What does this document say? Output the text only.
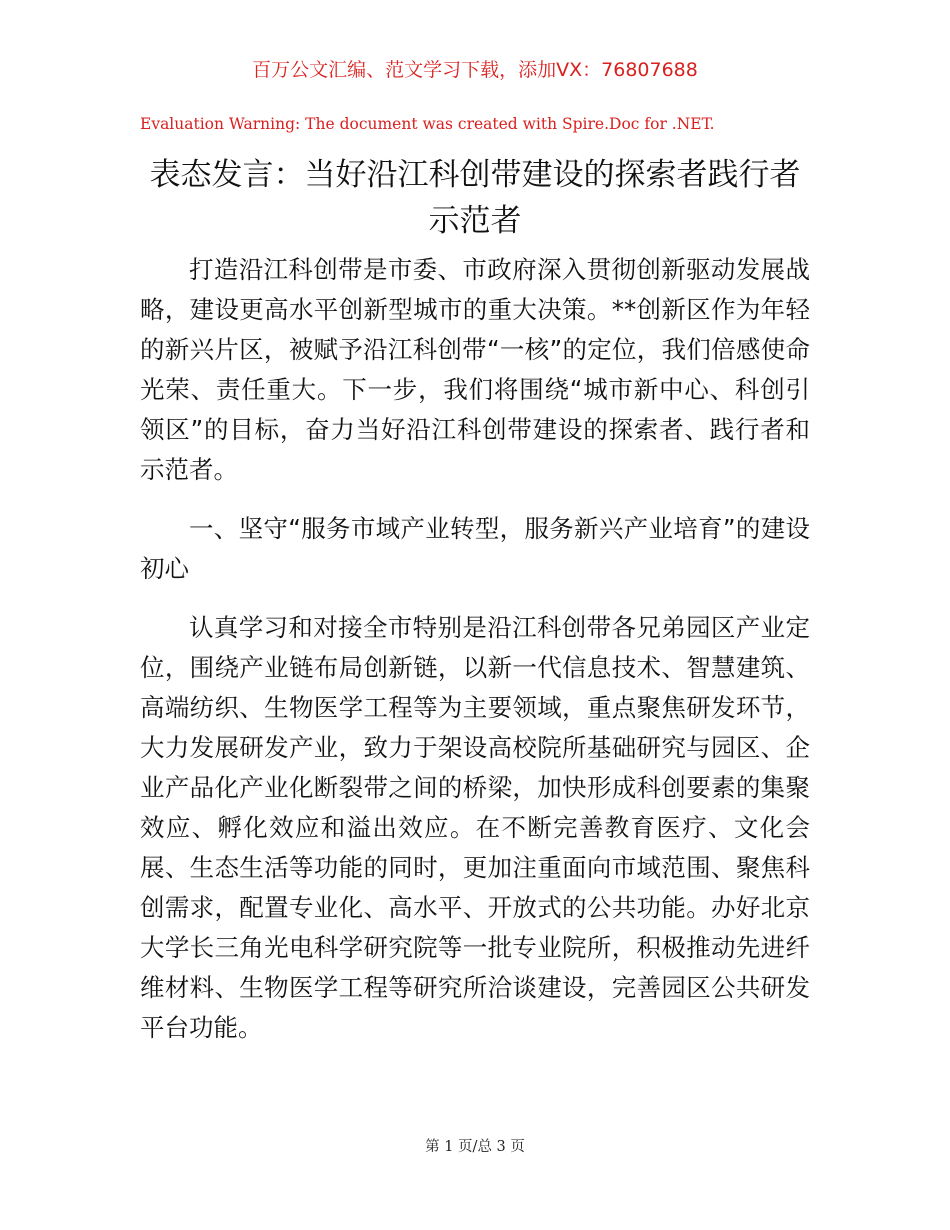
百万公文汇编、范文学习下载，添加VX：76807688
Evaluation Warning: The document was created with Spire.Doc for .NET.
表态发言：当好沿江科创带建设的探索者践行者示范者

打造沿江科创带是市委、市政府深入贯彻创新驱动发展战略，建设更高水平创新型城市的重大决策。**创新区作为年轻的新兴片区，被赋予沿江科创带“一核”的定位，我们倍感使命光荣、责任重大。下一步，我们将围绕“城市新中心、科创引领区”的目标，奋力当好沿江科创带建设的探索者、践行者和示范者。

一、坚守“服务市域产业转型，服务新兴产业培育”的建设初心

认真学习和对接全市特别是沿江科创带各兄弟园区产业定位，围绕产业链布局创新链，以新一代信息技术、智慧建筑、高端纺织、生物医学工程等为主要领域，重点聚焦研发环节，大力发展研发产业，致力于架设高校院所基础研究与园区、企业产品化产业化断裂带之间的桥梁，加快形成科创要素的集聚效应、孵化效应和溢出效应。在不断完善教育医疗、文化会展、生态生活等功能的同时，更加注重面向市域范围、聚焦科创需求，配置专业化、高水平、开放式的公共功能。办好北京大学长三角光电科学研究院等一批专业院所，积极推动先进纤维材料、生物医学工程等研究所洽谈建设，完善园区公共研发平台功能。

第 1 页/总 3 页
